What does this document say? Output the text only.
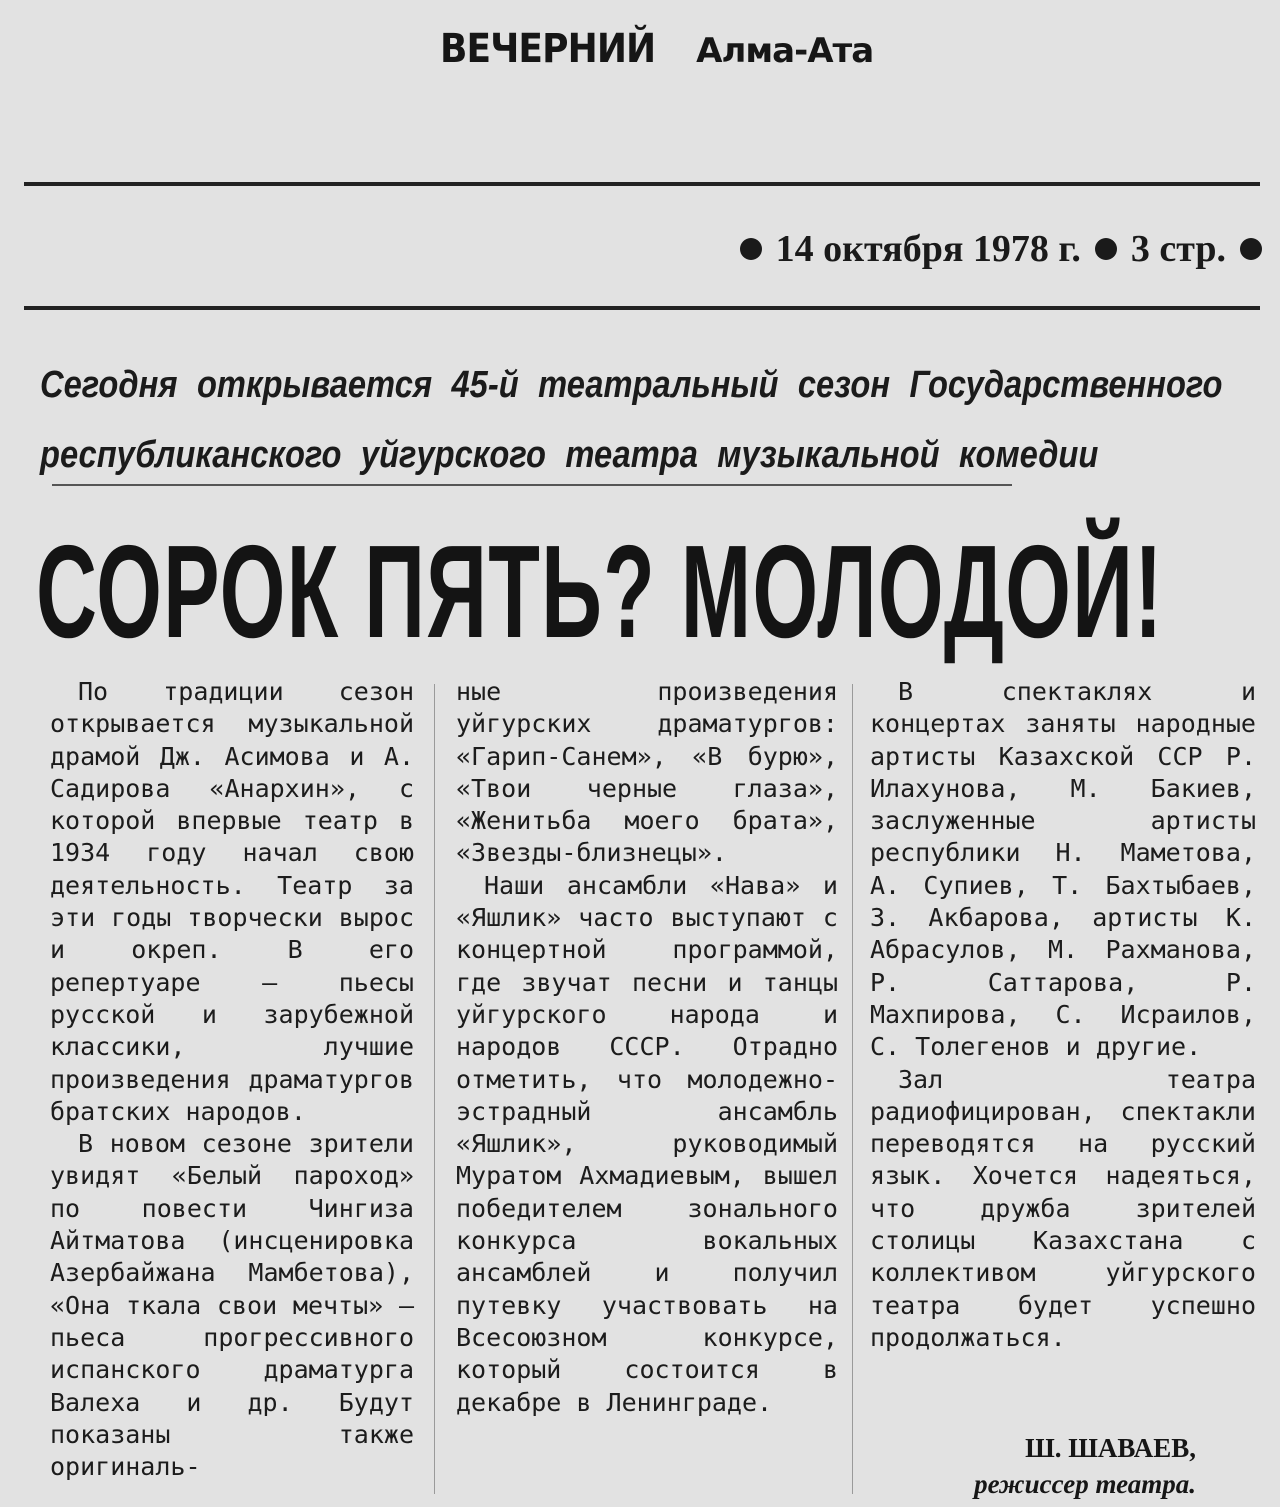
ВЕЧЕРНИЙ Алма-Ата
14 октября 1978 г. 3 стр.
Сегодня открывается 45-й театральный сезон Государственного
республиканского уйгурского театра музыкальной комедии
СОРОК ПЯТЬ? МОЛОДОЙ!

По традиции сезон открывается музыкальной драмой Дж. Асимова и А. Садирова «Анархин», с которой впервые театр в 1934 году начал свою деятельность. Театр за эти годы творчески вырос и окреп. В его репертуаре — пьесы русской и зарубежной классики, лучшие произведения драматургов братских народов.

В новом сезоне зрители увидят «Белый пароход» по повести Чингиза Айтматова (инсценировка Азербайжана Мамбетова), «Она ткала свои мечты» — пьеса прогрессивного испанского драматурга Валеха и др. Будут показаны также оригиналь-

ные произведения уйгурских драматургов: «Гарип-Санем», «В бурю», «Твои черные глаза», «Женитьба моего брата», «Звезды-близнецы».

Наши ансамбли «Нава» и «Яшлик» часто выступают с концертной программой, где звучат песни и танцы уйгурского народа и народов СССР. Отрадно отметить, что молодежно-эстрадный ансамбль «Яшлик», руководимый Муратом Ахмадиевым, вышел победителем зонального конкурса вокальных ансамблей и получил путевку участвовать на Всесоюзном конкурсе, который состоится в декабре в Ленинграде.

В спектаклях и концертах заняты народные артисты Казахской ССР Р. Илахунова, М. Бакиев, заслуженные артисты республики Н. Маметова, А. Супиев, Т. Бахтыбаев, З. Акбарова, артисты К. Абрасулов, М. Рахманова, Р. Саттарова, Р. Махпирова, С. Исраилов, С. Толегенов и другие.

Зал театра радиофицирован, спектакли переводятся на русский язык. Хочется надеяться, что дружба зрителей столицы Казахстана с коллективом уйгурского театра будет успешно продолжаться.

Ш. ШАВАЕВ,
режиссер театра.
